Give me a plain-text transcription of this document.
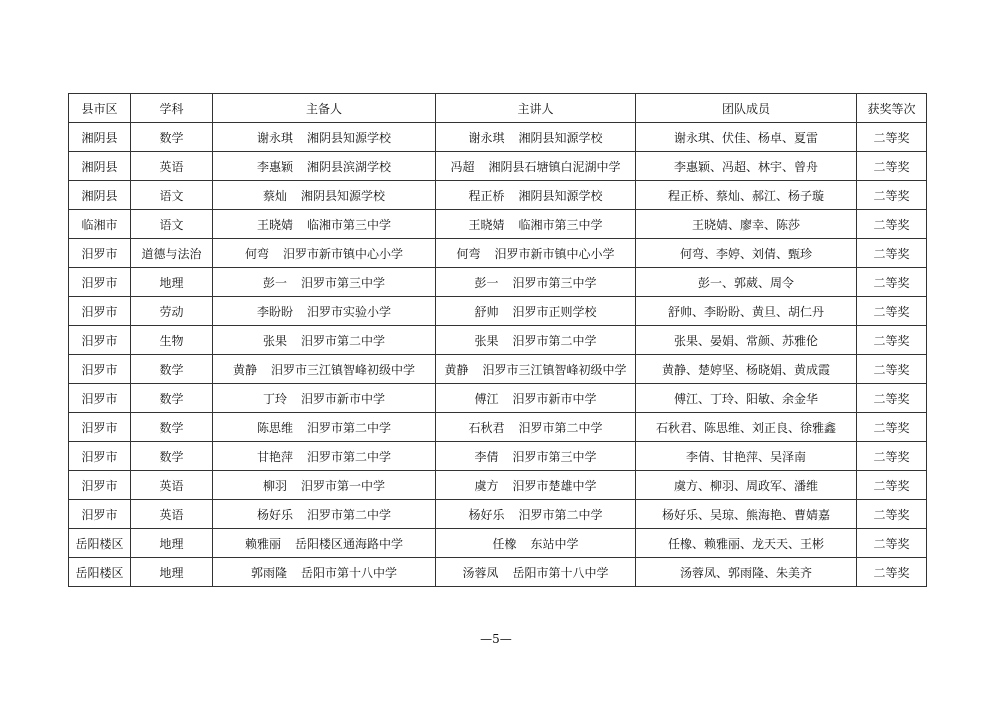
县市区	学科	主备人	主讲人	团队成员	获奖等次
湘阴县	数学	谢永琪 湘阴县知源学校	谢永琪 湘阴县知源学校	谢永琪、伏佳、杨卓、夏雷	二等奖
湘阴县	英语	李惠颖 湘阴县滨湖学校	冯超 湘阴县石塘镇白泥湖中学	李惠颖、冯超、林宇、曾舟	二等奖
湘阴县	语文	蔡灿 湘阴县知源学校	程正桥 湘阴县知源学校	程正桥、蔡灿、郝江、杨子璇	二等奖
临湘市	语文	王晓婧 临湘市第三中学	王晓婧 临湘市第三中学	王晓婧、廖幸、陈莎	二等奖
汨罗市	道德与法治	何弯 汨罗市新市镇中心小学	何弯 汨罗市新市镇中心小学	何弯、李婷、刘倩、甄珍	二等奖
汨罗市	地理	彭一 汨罗市第三中学	彭一 汨罗市第三中学	彭一、郭葳、周令	二等奖
汨罗市	劳动	李盼盼 汨罗市实验小学	舒帅 汨罗市正则学校	舒帅、李盼盼、黄旦、胡仁丹	二等奖
汨罗市	生物	张果 汨罗市第二中学	张果 汨罗市第二中学	张果、晏娟、常颜、苏雅伦	二等奖
汨罗市	数学	黄静 汨罗市三江镇智峰初级中学	黄静 汨罗市三江镇智峰初级中学	黄静、楚婷坚、杨晓娟、黄成霞	二等奖
汨罗市	数学	丁玲 汨罗市新市中学	傅江 汨罗市新市中学	傅江、丁玲、阳敏、余金华	二等奖
汨罗市	数学	陈思维 汨罗市第二中学	石秋君 汨罗市第二中学	石秋君、陈思维、刘正良、徐雅鑫	二等奖
汨罗市	数学	甘艳萍 汨罗市第二中学	李倩 汨罗市第三中学	李倩、甘艳萍、吴泽南	二等奖
汨罗市	英语	柳羽 汨罗市第一中学	虞方 汨罗市楚雄中学	虞方、柳羽、周政军、潘维	二等奖
汨罗市	英语	杨好乐 汨罗市第二中学	杨好乐 汨罗市第二中学	杨好乐、吴琼、熊海艳、曹婧嘉	二等奖
岳阳楼区	地理	赖雅丽 岳阳楼区通海路中学	任橡 东站中学	任橡、赖雅丽、龙天天、王彬	二等奖
岳阳楼区	地理	郭雨隆 岳阳市第十八中学	汤蓉凤 岳阳市第十八中学	汤蓉凤、郭雨隆、朱美齐	二等奖
—5—
